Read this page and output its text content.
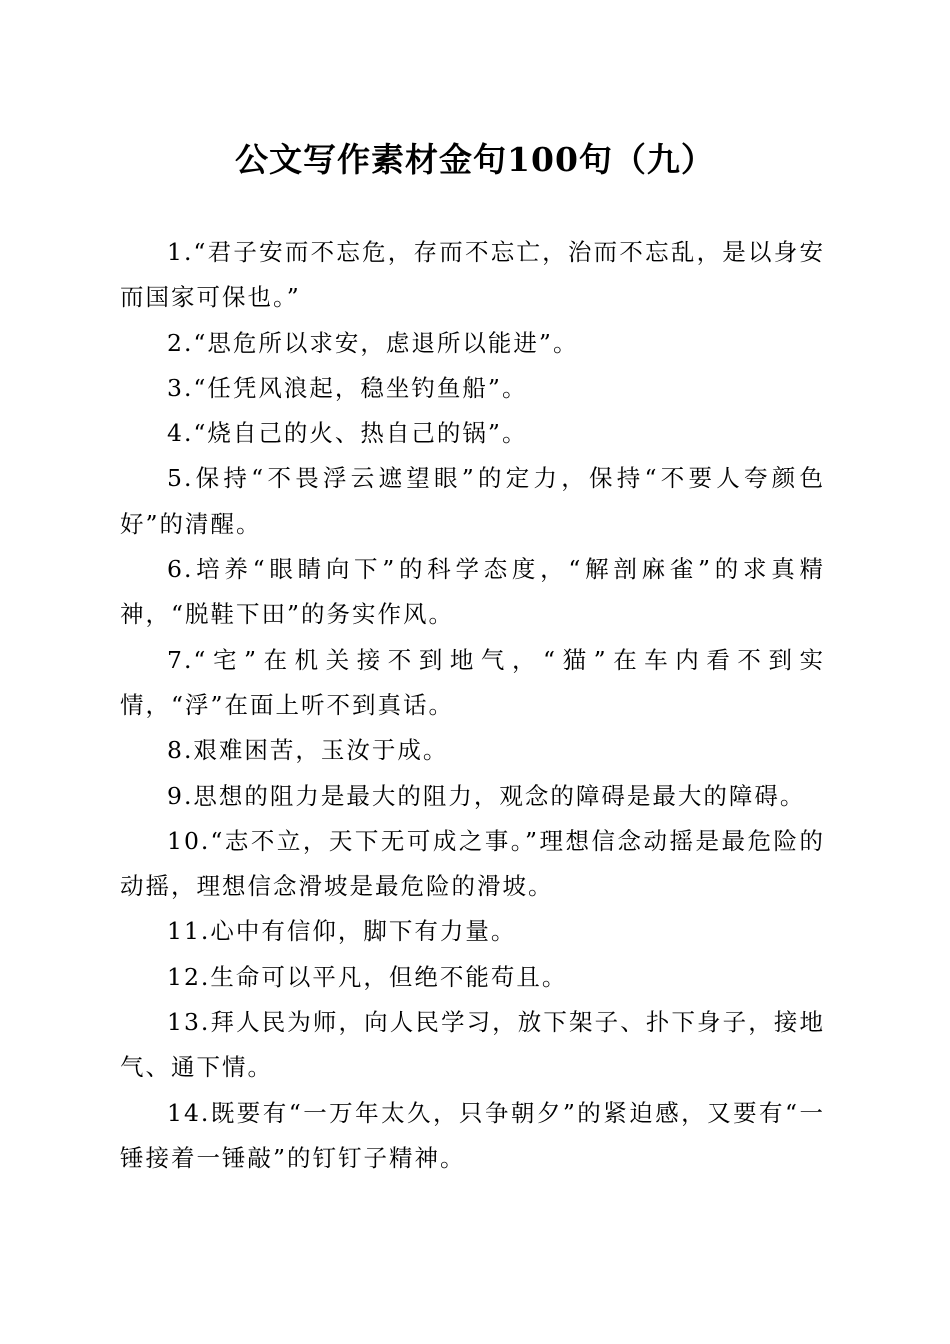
公文写作素材金句100句（九）

1.“君子安而不忘危，存而不忘亡，治而不忘乱，是以身安而国家可保也。”

2.“思危所以求安，虑退所以能进”。

3.“任凭风浪起，稳坐钓鱼船”。

4.“烧自己的火、热自己的锅”。

5.保持“不畏浮云遮望眼”的定力，保持“不要人夸颜色好”的清醒。

6.培养“眼睛向下”的科学态度，“解剖麻雀”的求真精神，“脱鞋下田”的务实作风。

7.“宅”在机关接不到地气，“猫”在车内看不到实情，“浮”在面上听不到真话。

8.艰难困苦，玉汝于成。

9.思想的阻力是最大的阻力，观念的障碍是最大的障碍。

10.“志不立，天下无可成之事。”理想信念动摇是最危险的动摇，理想信念滑坡是最危险的滑坡。

11.心中有信仰，脚下有力量。

12.生命可以平凡，但绝不能苟且。

13.拜人民为师，向人民学习，放下架子、扑下身子，接地气、通下情。

14.既要有“一万年太久，只争朝夕”的紧迫感，又要有“一锤接着一锤敲”的钉钉子精神。
